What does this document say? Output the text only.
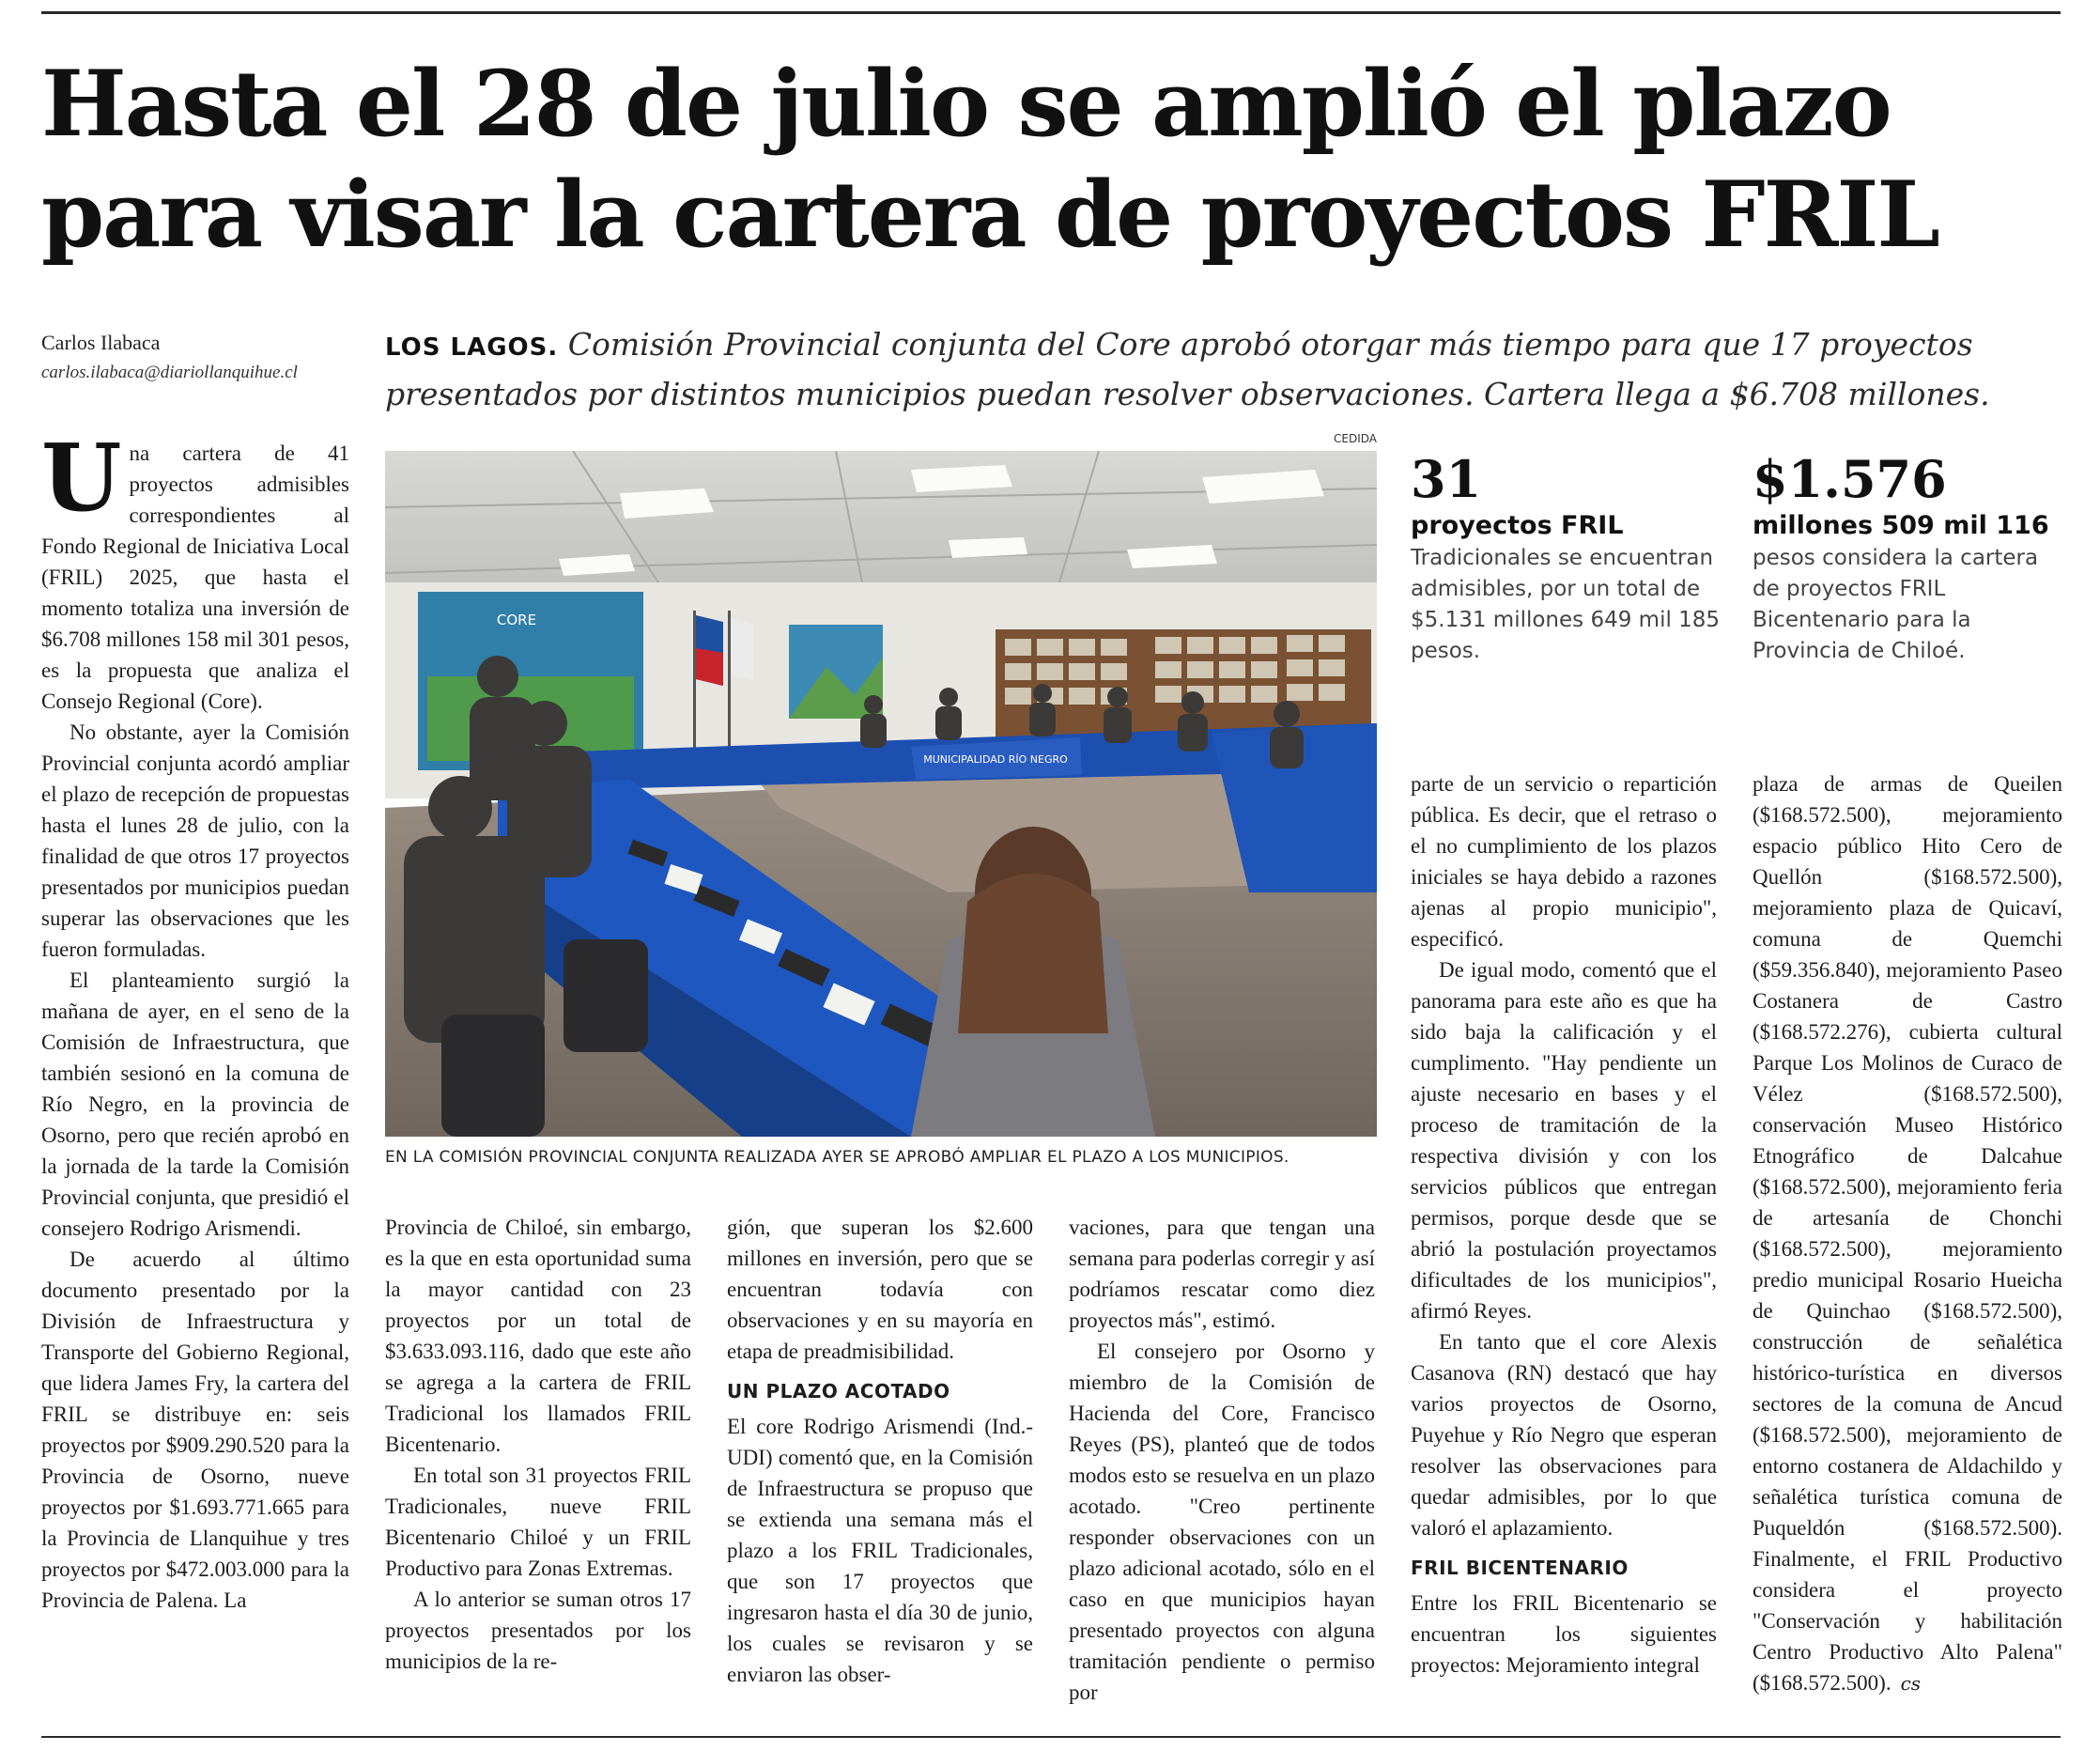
Hasta el 28 de julio se amplió el plazo para visar la cartera de proyectos FRIL
Carlos Ilabaca
carlos.ilabaca@diariollanquihue.cl
LOS LAGOS. Comisión Provincial conjunta del Core aprobó otorgar más tiempo para que 17 proyectos presentados por distintos municipios puedan resolver observaciones. Cartera llega a $6.708 millones.

Una cartera de 41 proyectos admisibles correspondientes al Fondo Regional de Iniciativa Local (FRIL) 2025, que hasta el momento totaliza una inversión de $6.708 millones 158 mil 301 pesos, es la propuesta que analiza el Consejo Regional (Core).

No obstante, ayer la Comisión Provincial conjunta acordó ampliar el plazo de recepción de propuestas hasta el lunes 28 de julio, con la finalidad de que otros 17 proyectos presentados por municipios puedan superar las observaciones que les fueron formuladas.

El planteamiento surgió la mañana de ayer, en el seno de la Comisión de Infraestructura, que también sesionó en la comuna de Río Negro, en la provincia de Osorno, pero que recién aprobó en la jornada de la tarde la Comisión Provincial conjunta, que presidió el consejero Rodrigo Arismendi.

De acuerdo al último documento presentado por la División de Infraestructura y Transporte del Gobierno Regional, que lidera James Fry, la cartera del FRIL se distribuye en: seis proyectos por $909.290.520 para la Provincia de Osorno, nueve proyectos por $1.693.771.665 para la Provincia de Llanquihue y tres proyectos por $472.003.000 para la Provincia de Palena. La

CEDIDA
CORE
MUNICIPALIDAD RÍO NEGRO
EN LA COMISIÓN PROVINCIAL CONJUNTA REALIZADA AYER SE APROBÓ AMPLIAR EL PLAZO A LOS MUNICIPIOS.
31
proyectos FRIL
Tradicionales se encuentran admisibles, por un total de $5.131 millones 649 mil 185 pesos.
$1.576
millones 509 mil 116
pesos considera la cartera de proyectos FRIL Bicentenario para la Provincia de Chiloé.

Provincia de Chiloé, sin embargo, es la que en esta oportunidad suma la mayor cantidad con 23 proyectos por un total de $3.633.093.116, dado que este año se agrega a la cartera de FRIL Tradicional los llamados FRIL Bicentenario.

En total son 31 proyectos FRIL Tradicionales, nueve FRIL Bicentenario Chiloé y un FRIL Productivo para Zonas Extremas.

A lo anterior se suman otros 17 proyectos presentados por los municipios de la re-

gión, que superan los $2.600 millones en inversión, pero que se encuentran todavía con observaciones y en su mayoría en etapa de preadmisibilidad.

UN PLAZO ACOTADO

El core Rodrigo Arismendi (Ind.-UDI) comentó que, en la Comisión de Infraestructura se propuso que se extienda una semana más el plazo a los FRIL Tradicionales, que son 17 proyectos que ingresaron hasta el día 30 de junio, los cuales se revisaron y se enviaron las obser-

vaciones, para que tengan una semana para poderlas corregir y así podríamos rescatar como diez proyectos más", estimó.

El consejero por Osorno y miembro de la Comisión de Hacienda del Core, Francisco Reyes (PS), planteó que de todos modos esto se resuelva en un plazo acotado. "Creo pertinente responder observaciones con un plazo adicional acotado, sólo en el caso en que municipios hayan presentado proyectos con alguna tramitación pendiente o permiso por

parte de un servicio o repartición pública. Es decir, que el retraso o el no cumplimiento de los plazos iniciales se haya debido a razones ajenas al propio municipio", especificó.

De igual modo, comentó que el panorama para este año es que ha sido baja la calificación y el cumplimento. "Hay pendiente un ajuste necesario en bases y el proceso de tramitación de la respectiva división y con los servicios públicos que entregan permisos, porque desde que se abrió la postulación proyectamos dificultades de los municipios", afirmó Reyes.

En tanto que el core Alexis Casanova (RN) destacó que hay varios proyectos de Osorno, Puyehue y Río Negro que esperan resolver las observaciones para quedar admisibles, por lo que valoró el aplazamiento.

FRIL BICENTENARIO

Entre los FRIL Bicentenario se encuentran los siguientes proyectos: Mejoramiento integral

plaza de armas de Queilen ($168.572.500), mejoramiento espacio público Hito Cero de Quellón ($168.572.500), mejoramiento plaza de Quicaví, comuna de Quemchi ($59.356.840), mejoramiento Paseo Costanera de Castro ($168.572.276), cubierta cultural Parque Los Molinos de Curaco de Vélez ($168.572.500), conservación Museo Histórico Etnográfico de Dalcahue ($168.572.500), mejoramiento feria de artesanía de Chonchi ($168.572.500), mejoramiento predio municipal Rosario Hueicha de Quinchao ($168.572.500), construcción de señalética histórico-turística en diversos sectores de la comuna de Ancud ($168.572.500), mejoramiento de entorno costanera de Aldachildo y señalética turística comuna de Puqueldón ($168.572.500). Finalmente, el FRIL Productivo considera el proyecto "Conservación y habilitación Centro Productivo Alto Palena" ($168.572.500). cs
